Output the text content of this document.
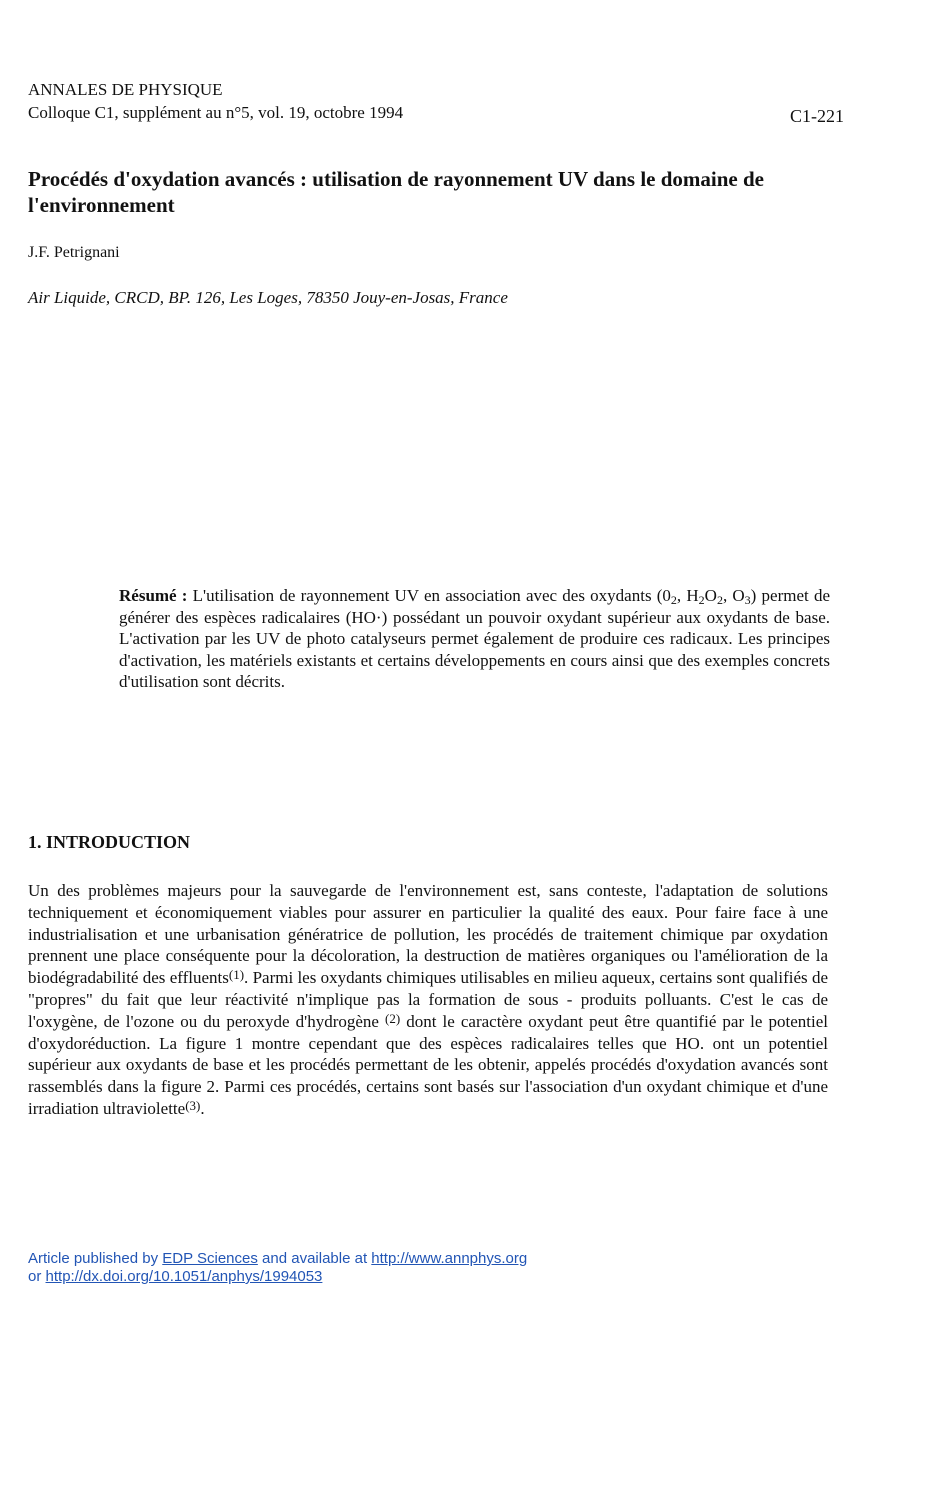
ANNALES DE PHYSIQUE
Colloque C1, supplément au n°5, vol. 19, octobre 1994	C1-221
Procédés d'oxydation avancés : utilisation de rayonnement UV dans le domaine de l'environnement
J.F. Petrignani
Air Liquide, CRCD, BP. 126, Les Loges, 78350 Jouy-en-Josas, France
Résumé : L'utilisation de rayonnement UV en association avec des oxydants ($0_2$, $H_2O_2$, $O_3$) permet de générer des espèces radicalaires (HO·) possédant un pouvoir oxydant supérieur aux oxydants de base. L'activation par les UV de photo catalyseurs permet également de produire ces radicaux. Les principes d'activation, les matériels existants et certains développements en cours ainsi que des exemples concrets d'utilisation sont décrits.
1. INTRODUCTION

Un des problèmes majeurs pour la sauvegarde de l'environnement est, sans conteste, l'adaptation de solutions techniquement et économiquement viables pour assurer en particulier la qualité des eaux. Pour faire face à une industrialisation et une urbanisation génératrice de pollution, les procédés de traitement chimique par oxydation prennent une place conséquente pour la décoloration, la destruction de matières organiques ou l'amélioration de la biodégradabilité des effluents$^{(1)}$. Parmi les oxydants chimiques utilisables en milieu aqueux, certains sont qualifiés de "propres" du fait que leur réactivité n'implique pas la formation de sous - produits polluants. C'est le cas de l'oxygène, de l'ozone ou du peroxyde d'hydrogène $^{(2)}$ dont le caractère oxydant peut être quantifié par le potentiel d'oxydoréduction. La figure 1 montre cependant que des espèces radicalaires telles que HO. ont un potentiel supérieur aux oxydants de base et les procédés permettant de les obtenir, appelés procédés d'oxydation avancés sont rassemblés dans la figure 2. Parmi ces procédés, certains sont basés sur l'association d'un oxydant chimique et d'une irradiation ultraviolette$^{(3)}$.

Article published by EDP Sciences and available at http://www.annphys.org
or http://dx.doi.org/10.1051/anphys/1994053
